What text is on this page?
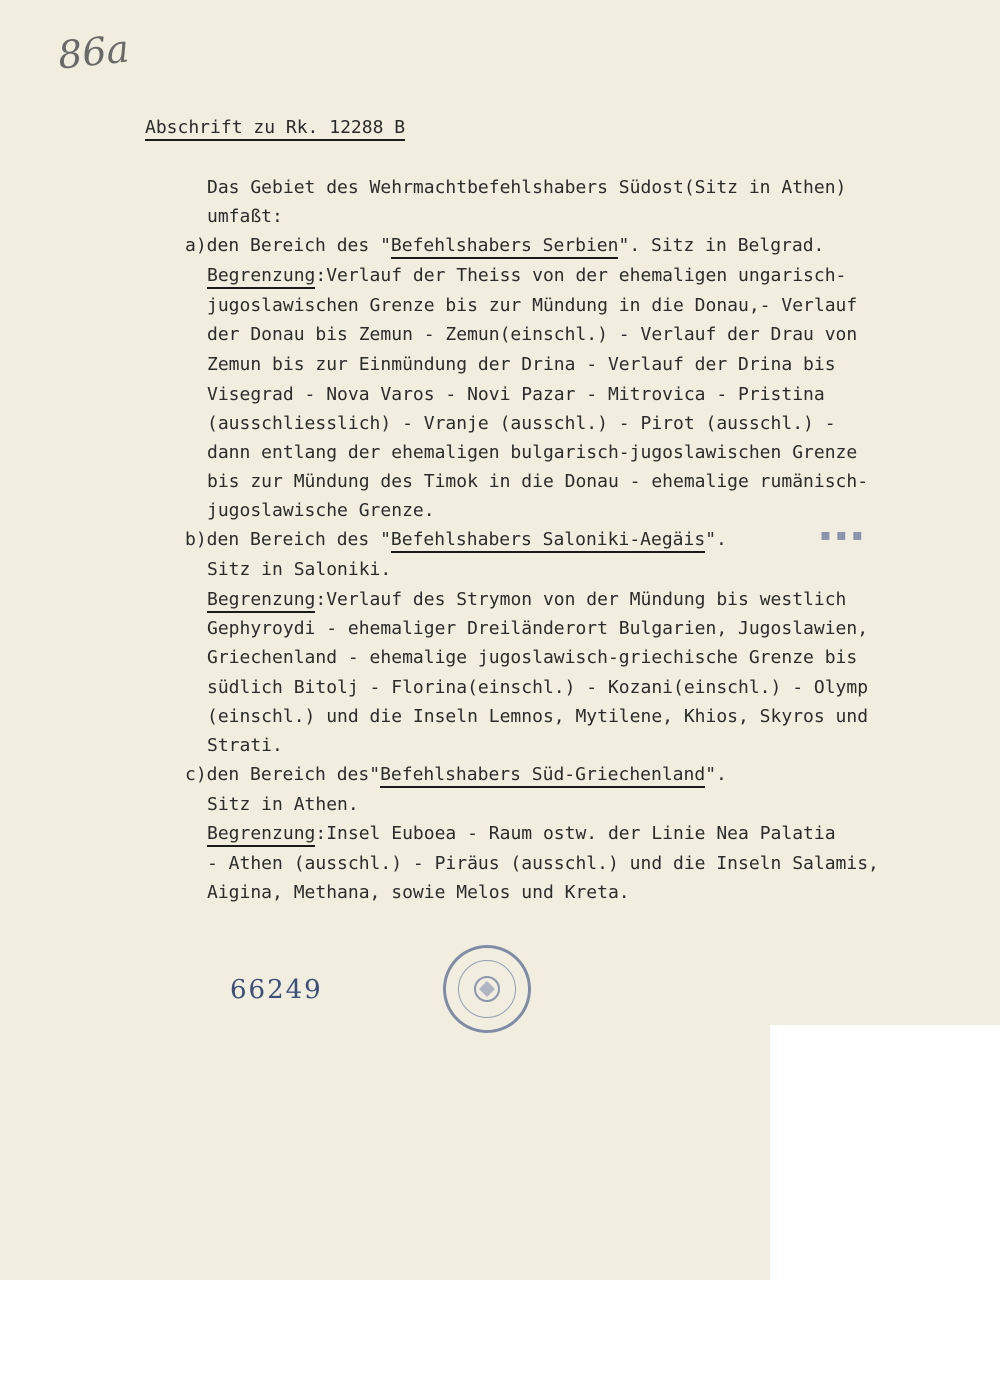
86a
Abschrift zu Rk. 12288 B
Das Gebiet des Wehrmachtbefehlshabers Südost(Sitz in Athen)
umfaßt:
a)den Bereich des "Befehlshabers Serbien". Sitz in Belgrad.
Begrenzung:Verlauf der Theiss von der ehemaligen ungarisch-
jugoslawischen Grenze bis zur Mündung in die Donau,- Verlauf
der Donau bis Zemun - Zemun(einschl.) - Verlauf der Drau von
Zemun bis zur Einmündung der Drina - Verlauf der Drina bis
Visegrad - Nova Varos - Novi Pazar - Mitrovica - Pristina
(ausschliesslich) - Vranje (ausschl.) - Pirot (ausschl.) -
dann entlang der ehemaligen bulgarisch-jugoslawischen Grenze
bis zur Mündung des Timok in die Donau - ehemalige rumänisch-
jugoslawische Grenze.
b)den Bereich des "Befehlshabers Saloniki-Aegäis".
Sitz in Saloniki.
Begrenzung:Verlauf des Strymon von der Mündung bis westlich
Gephyroydi - ehemaliger Dreiländerort Bulgarien, Jugoslawien,
Griechenland - ehemalige jugoslawisch-griechische Grenze bis
südlich Bitolj - Florina(einschl.) - Kozani(einschl.) - Olymp
(einschl.) und die Inseln Lemnos, Mytilene, Khios, Skyros und
Strati.
c)den Bereich des"Befehlshabers Süd-Griechenland".
Sitz in Athen.
Begrenzung:Insel Euboea - Raum ostw. der Linie Nea Palatia
- Athen (ausschl.) - Piräus (ausschl.) und die Inseln Salamis,
Aigina, Methana, sowie Melos und Kreta.
66249
▪ ▪ ▪
